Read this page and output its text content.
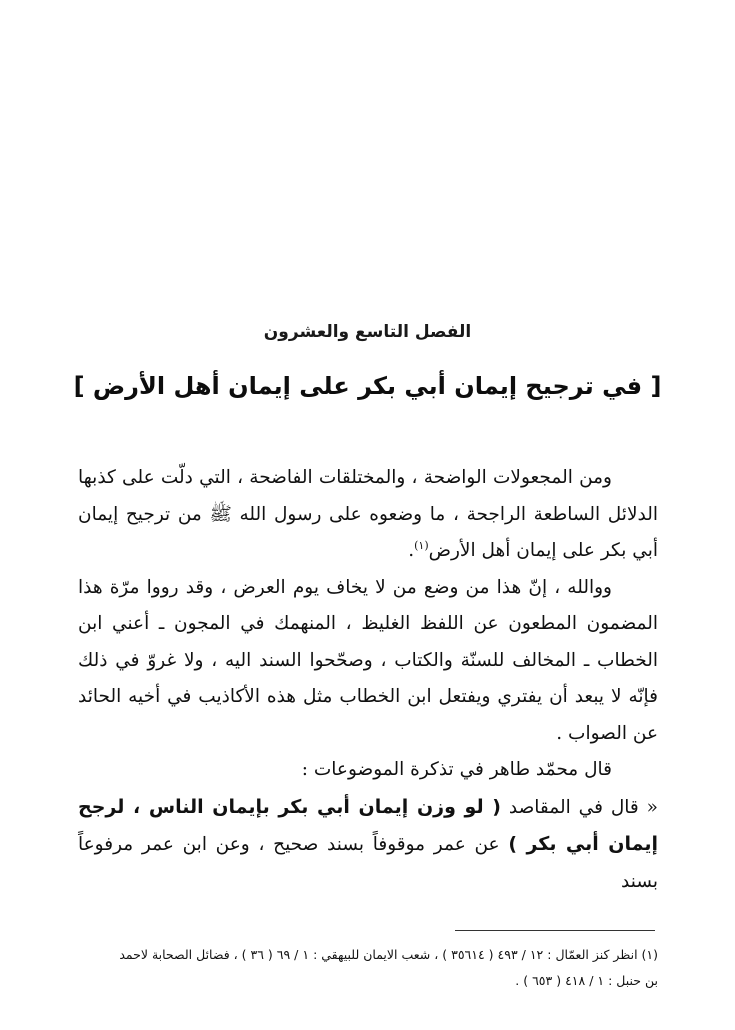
الفصل التاسع والعشرون
[ في ترجيح إيمان أبي بكر على إيمان أهل الأرض ]

ومن المجعولات الواضحة ، والمختلقات الفاضحة ، التي دلّت على كذبها الدلائل الساطعة الراجحة ، ما وضعوه على رسول الله ﷺ من ترجيح إيمان أبي بكر على إيمان أهل الأرض$^{(١)}$.

ووالله ، إنّ هذا من وضع من لا يخاف يوم العرض ، وقد رووا مرّة هذا المضمون المطعون عن اللفظ الغليظ ، المنهمك في المجون ـ أعني ابن الخطاب ـ المخالف للسنّة والكتاب ، وصحّحوا السند اليه ، ولا غروّ في ذلك فإنّه لا يبعد أن يفتري ويفتعل ابن الخطاب مثل هذه الأكاذيب في أخيه الحائد عن الصواب .

قال محمّد طاهر في تذكرة الموضوعات :

« قال في المقاصد ( لو وزن إيمان أبي بكر بإيمان الناس ، لرجح إيمان أبي بكر ) عن عمر موقوفاً بسند صحيح ، وعن ابن عمر مرفوعاً بسند

(١) انظر كنز العمّال : ١٢ / ٤٩٣ ( ٣٥٦١٤ ) ، شعب الايمان للبيهقي : ١ / ٦٩ ( ٣٦ ) ، فضائل الصحابة لاحمد

بن حنبل : ١ / ٤١٨ ( ٦٥٣ ) .
